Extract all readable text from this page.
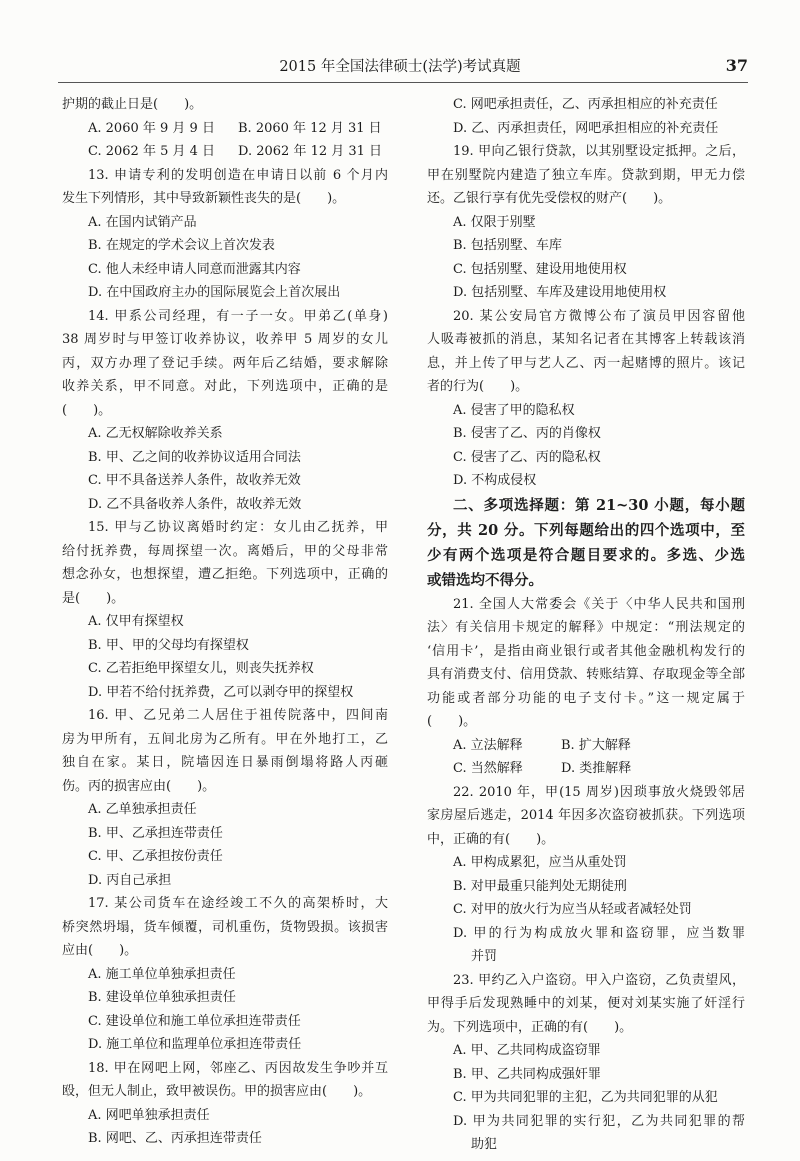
2015 年全国法律硕士(法学)考试真题	37
护期的截止日是(　　)。
A. 2060 年 9 月 9 日 B. 2060 年 12 月 31 日
C. 2062 年 5 月 4 日 D. 2062 年 12 月 31 日
13. 申请专利的发明创造在申请日以前 6 个月内
发生下列情形，其中导致新颖性丧失的是(　　)。
A. 在国内试销产品
B. 在规定的学术会议上首次发表
C. 他人未经申请人同意而泄露其内容
D. 在中国政府主办的国际展览会上首次展出
14. 甲系公司经理，有一子一女。甲弟乙(单身)
38 周岁时与甲签订收养协议，收养甲 5 周岁的女儿
丙，双方办理了登记手续。两年后乙结婚，要求解除
收养关系，甲不同意。对此，下列选项中，正确的是
(　　)。
A. 乙无权解除收养关系
B. 甲、乙之间的收养协议适用合同法
C. 甲不具备送养人条件，故收养无效
D. 乙不具备收养人条件，故收养无效
15. 甲与乙协议离婚时约定：女儿由乙抚养，甲
给付抚养费，每周探望一次。离婚后，甲的父母非常
想念孙女，也想探望，遭乙拒绝。下列选项中，正确的
是(　　)。
A. 仅甲有探望权
B. 甲、甲的父母均有探望权
C. 乙若拒绝甲探望女儿，则丧失抚养权
D. 甲若不给付抚养费，乙可以剥夺甲的探望权
16. 甲、乙兄弟二人居住于祖传院落中，四间南
房为甲所有，五间北房为乙所有。甲在外地打工，乙
独自在家。某日，院墙因连日暴雨倒塌将路人丙砸
伤。丙的损害应由(　　)。
A. 乙单独承担责任
B. 甲、乙承担连带责任
C. 甲、乙承担按份责任
D. 丙自己承担
17. 某公司货车在途经竣工不久的高架桥时，大
桥突然坍塌，货车倾覆，司机重伤，货物毁损。该损害
应由(　　)。
A. 施工单位单独承担责任
B. 建设单位单独承担责任
C. 建设单位和施工单位承担连带责任
D. 施工单位和监理单位承担连带责任
18. 甲在网吧上网，邻座乙、丙因故发生争吵并互
殴，但无人制止，致甲被误伤。甲的损害应由(　　)。
A. 网吧单独承担责任
B. 网吧、乙、丙承担连带责任
C. 网吧承担责任，乙、丙承担相应的补充责任
D. 乙、丙承担责任，网吧承担相应的补充责任
19. 甲向乙银行贷款，以其别墅设定抵押。之后，
甲在别墅院内建造了独立车库。贷款到期，甲无力偿
还。乙银行享有优先受偿权的财产(　　)。
A. 仅限于别墅
B. 包括别墅、车库
C. 包括别墅、建设用地使用权
D. 包括别墅、车库及建设用地使用权
20. 某公安局官方微博公布了演员甲因容留他
人吸毒被抓的消息，某知名记者在其博客上转载该消
息，并上传了甲与艺人乙、丙一起赌博的照片。该记
者的行为(　　)。
A. 侵害了甲的隐私权
B. 侵害了乙、丙的肖像权
C. 侵害了乙、丙的隐私权
D. 不构成侵权
二、多项选择题：第 21~30 小题，每小题
分，共 20 分。下列每题给出的四个选项中，至
少有两个选项是符合题目要求的。多选、少选
或错选均不得分。
21. 全国人大常委会《关于〈中华人民共和国刑
法〉有关信用卡规定的解释》中规定：“刑法规定的
‘信用卡’，是指由商业银行或者其他金融机构发行的
具有消费支付、信用贷款、转账结算、存取现金等全部
功能或者部分功能的电子支付卡。”这一规定属于
(　　)。
A. 立法解释	B. 扩大解释
C. 当然解释	D. 类推解释
22. 2010 年，甲(15 周岁)因琐事放火烧毁邻居
家房屋后逃走，2014 年因多次盗窃被抓获。下列选项
中，正确的有(　　)。
A. 甲构成累犯，应当从重处罚
B. 对甲最重只能判处无期徒刑
C. 对甲的放火行为应当从轻或者减轻处罚
D. 甲的行为构成放火罪和盗窃罪，应当数罪
并罚
23. 甲约乙入户盗窃。甲入户盗窃，乙负责望风，
甲得手后发现熟睡中的刘某，便对刘某实施了奸淫行
为。下列选项中，正确的有(　　)。
A. 甲、乙共同构成盗窃罪
B. 甲、乙共同构成强奸罪
C. 甲为共同犯罪的主犯，乙为共同犯罪的从犯
D. 甲为共同犯罪的实行犯，乙为共同犯罪的帮
助犯
